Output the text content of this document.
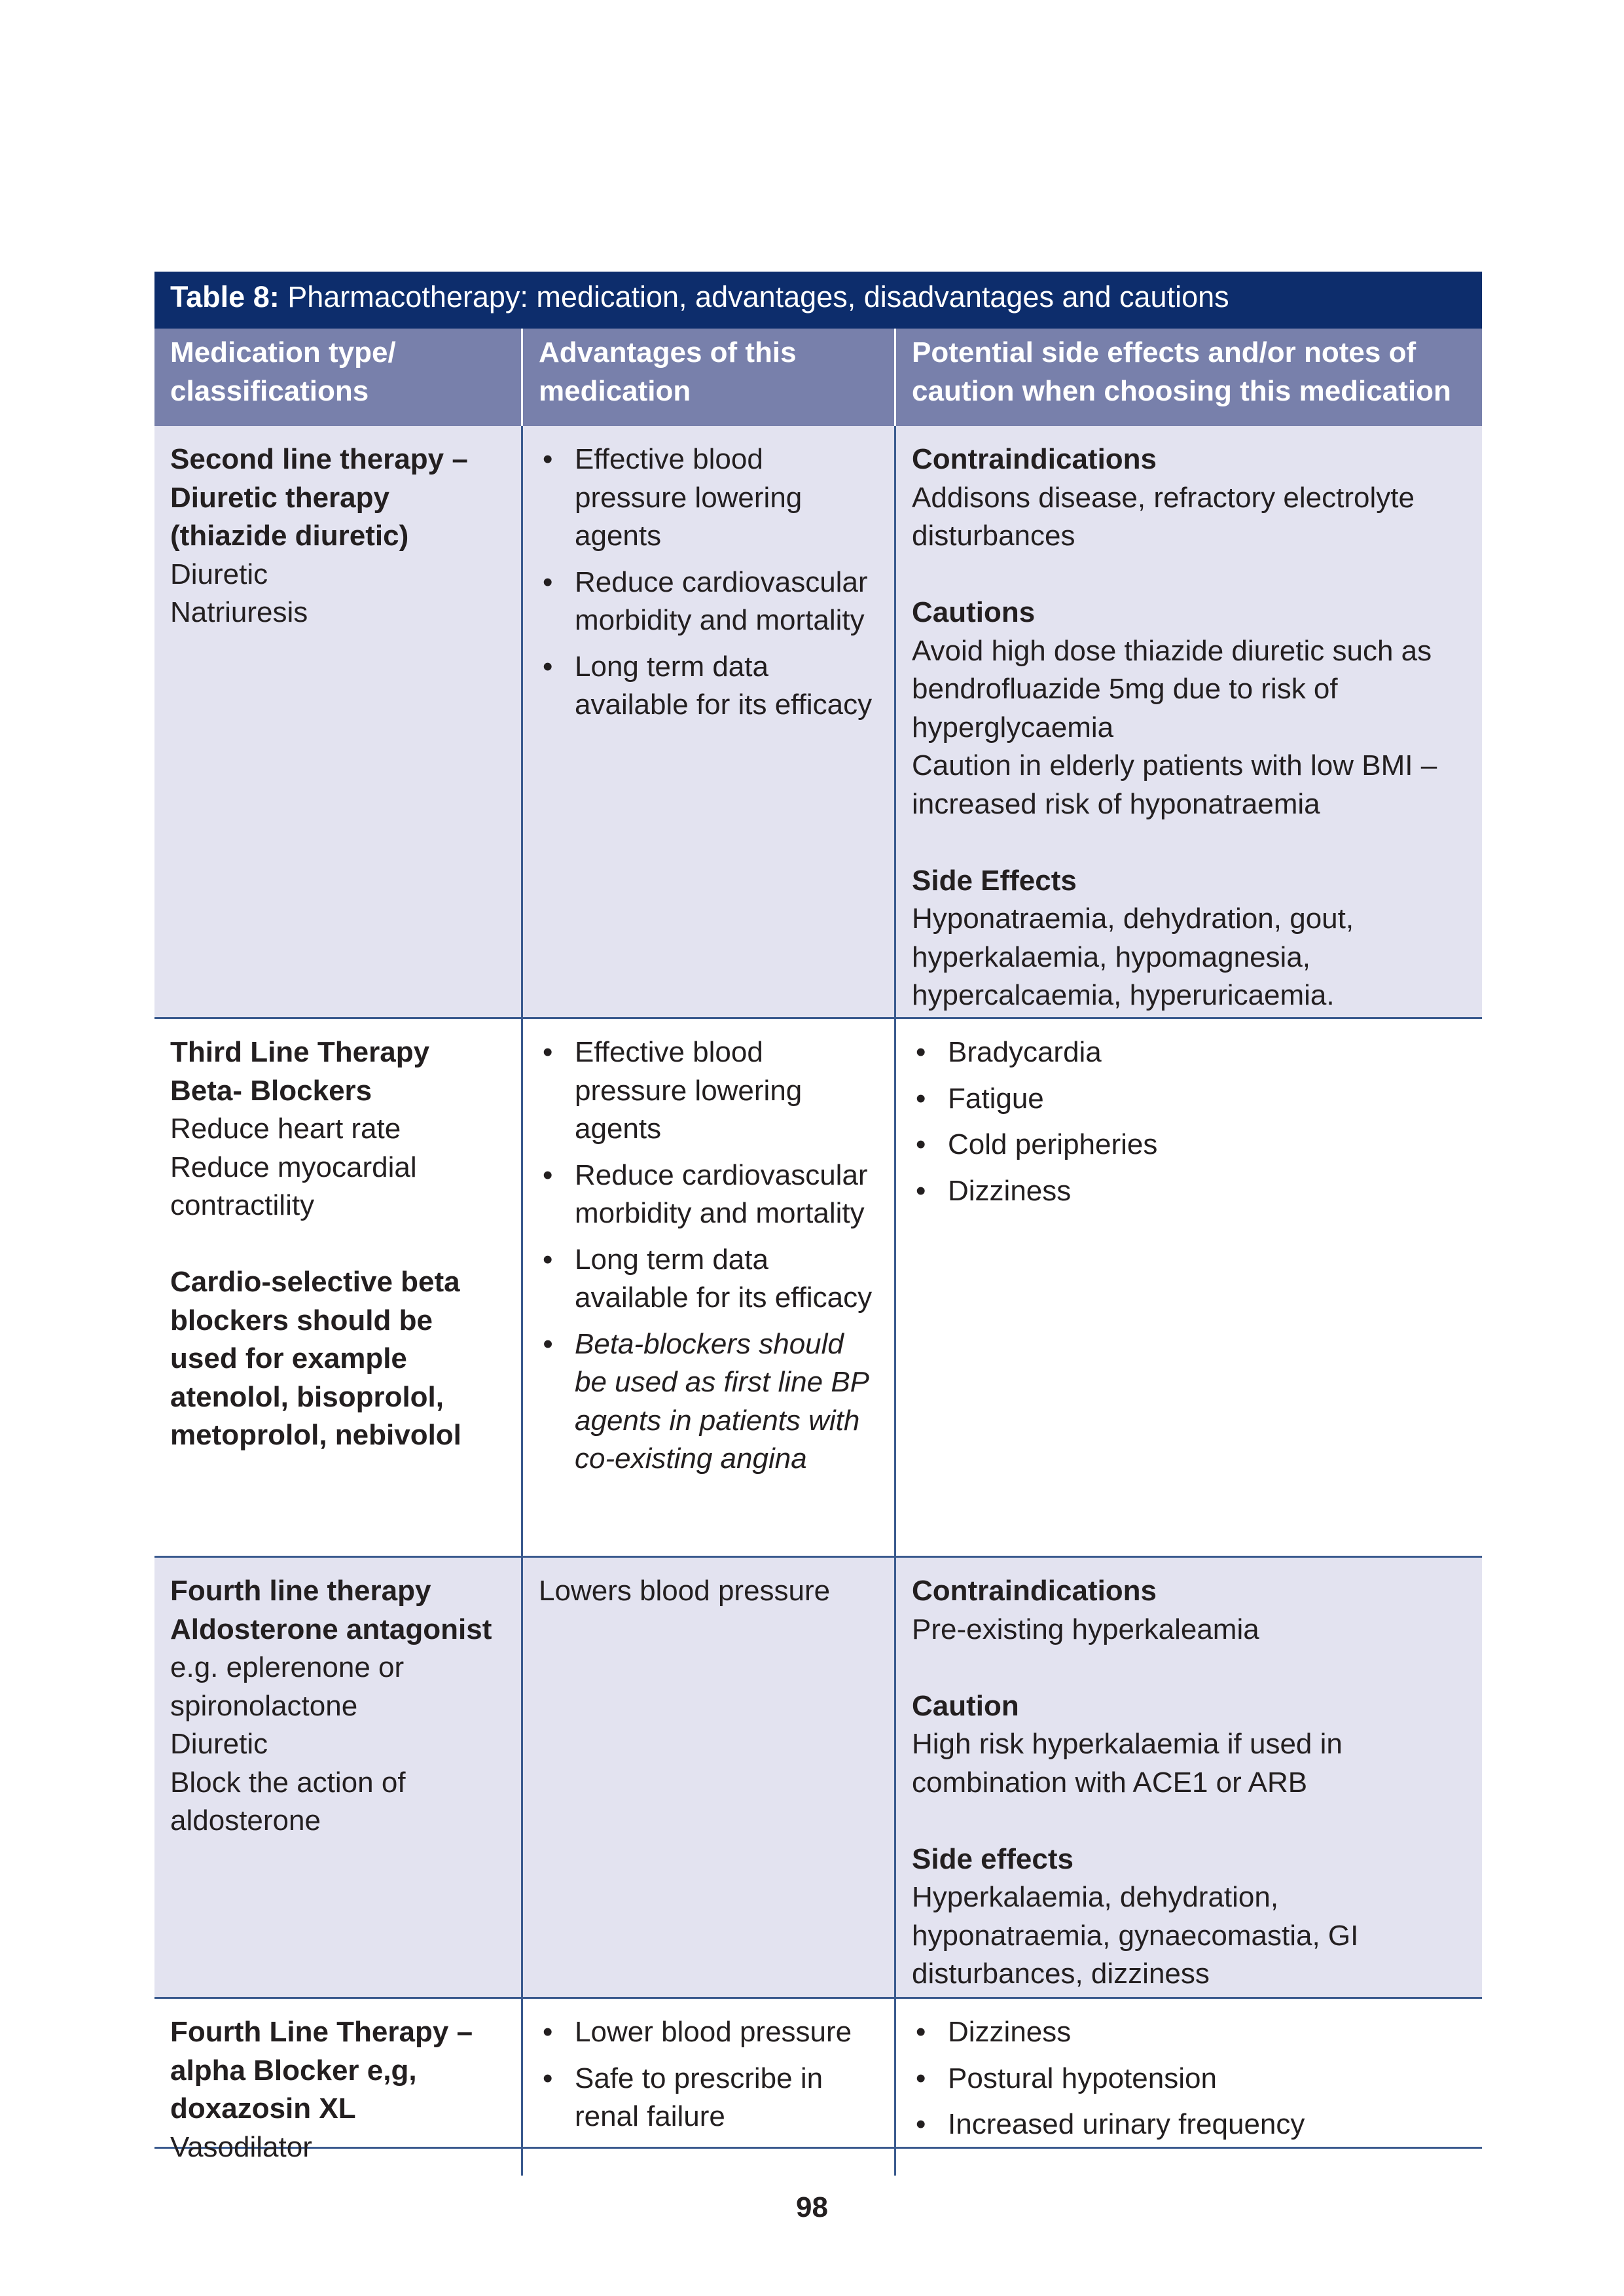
Table 8: Pharmacotherapy: medication, advantages, disadvantages and cautions
Medication type/ classifications
Advantages of this medication
Potential side effects and/or notes of caution when choosing this medication
Second line therapy – Diuretic therapy (thiazide diuretic)
Diuretic
Natriuresis
• Effective blood pressure lowering agents
• Reduce cardiovascular morbidity and mortality
• Long term data available for its efficacy
Contraindications
Addisons disease, refractory electrolyte disturbances
Cautions
Avoid high dose thiazide diuretic such as bendrofluazide 5mg due to risk of hyperglycaemia
Caution in elderly patients with low BMI – increased risk of hyponatraemia
Side Effects
Hyponatraemia, dehydration, gout, hyperkalaemia, hypomagnesia, hypercalcaemia, hyperuricaemia.
Third Line Therapy Beta- Blockers
Reduce heart rate
Reduce myocardial contractility
Cardio-selective beta blockers should be used for example atenolol, bisoprolol, metoprolol, nebivolol
• Effective blood pressure lowering agents
• Reduce cardiovascular morbidity and mortality
• Long term data available for its efficacy
• Beta-blockers should be used as first line BP agents in patients with co-existing angina
• Bradycardia
• Fatigue
• Cold peripheries
• Dizziness
Fourth line therapy Aldosterone antagonist
e.g. eplerenone or spironolactone
Diuretic
Block the action of aldosterone
Lowers blood pressure	Contraindications
Pre-existing hyperkaleamia
Caution
High risk hyperkalaemia if used in combination with ACE1 or ARB
Side effects
Hyperkalaemia, dehydration, hyponatraemia, gynaecomastia, GI disturbances, dizziness
Fourth Line Therapy – alpha Blocker e,g, doxazosin XL Vasodilator
• Lower blood pressure
• Safe to prescribe in renal failure
• Dizziness
• Postural hypotension
• Increased urinary frequency
98
